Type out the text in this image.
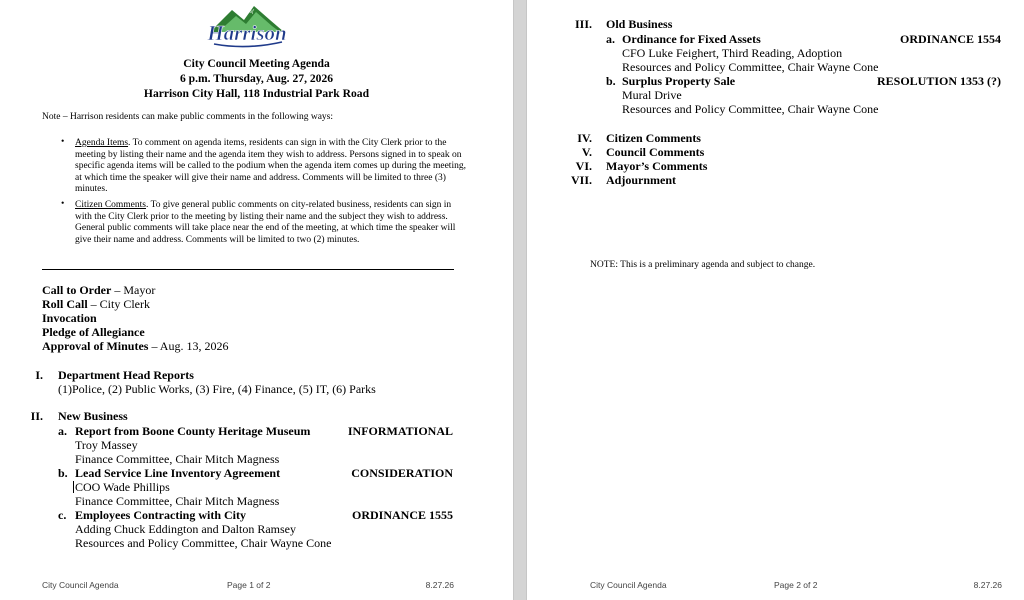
City of
Harrison
City Council Meeting Agenda
6 p.m. Thursday, Aug. 27, 2026
Harrison City Hall, 118 Industrial Park Road
Note – Harrison residents can make public comments in the following ways:
• Agenda Items. To comment on agenda items, residents can sign in with the City Clerk prior to the meeting by listing their name and the agenda item they wish to address. Persons signed in to speak on specific agenda items will be called to the podium when the agenda item comes up during the meeting, at which time the speaker will give their name and address. Comments will be limited to three (3) minutes.
• Citizen Comments. To give general public comments on city-related business, residents can sign in with the City Clerk prior to the meeting by listing their name and the subject they wish to address. General public comments will take place near the end of the meeting, at which time the speaker will give their name and address. Comments will be limited to two (2) minutes.
Call to Order – Mayor
Roll Call – City Clerk
Invocation
Pledge of Allegiance
Approval of Minutes – Aug. 13, 2026
I. Department Head Reports
(1)Police, (2) Public Works, (3) Fire, (4) Finance, (5) IT, (6) Parks
II. New Business
a. Report from Boone County Heritage Museum	INFORMATIONAL
Troy Massey
Finance Committee, Chair Mitch Magness
b. Lead Service Line Inventory Agreement	CONSIDERATION
COO Wade Phillips
Finance Committee, Chair Mitch Magness
c. Employees Contracting with City	ORDINANCE 1555
Adding Chuck Eddington and Dalton Ramsey
Resources and Policy Committee, Chair Wayne Cone
City Council Agenda	Page 1 of 2	8.27.26
III. Old Business
a. Ordinance for Fixed Assets	ORDINANCE 1554
CFO Luke Feighert, Third Reading, Adoption
Resources and Policy Committee, Chair Wayne Cone
b. Surplus Property Sale	RESOLUTION 1353 (?)
Mural Drive
Resources and Policy Committee, Chair Wayne Cone
IV. Citizen Comments
V. Council Comments
VI. Mayor’s Comments
VII. Adjournment
NOTE: This is a preliminary agenda and subject to change.
City Council Agenda	Page 2 of 2	8.27.26
